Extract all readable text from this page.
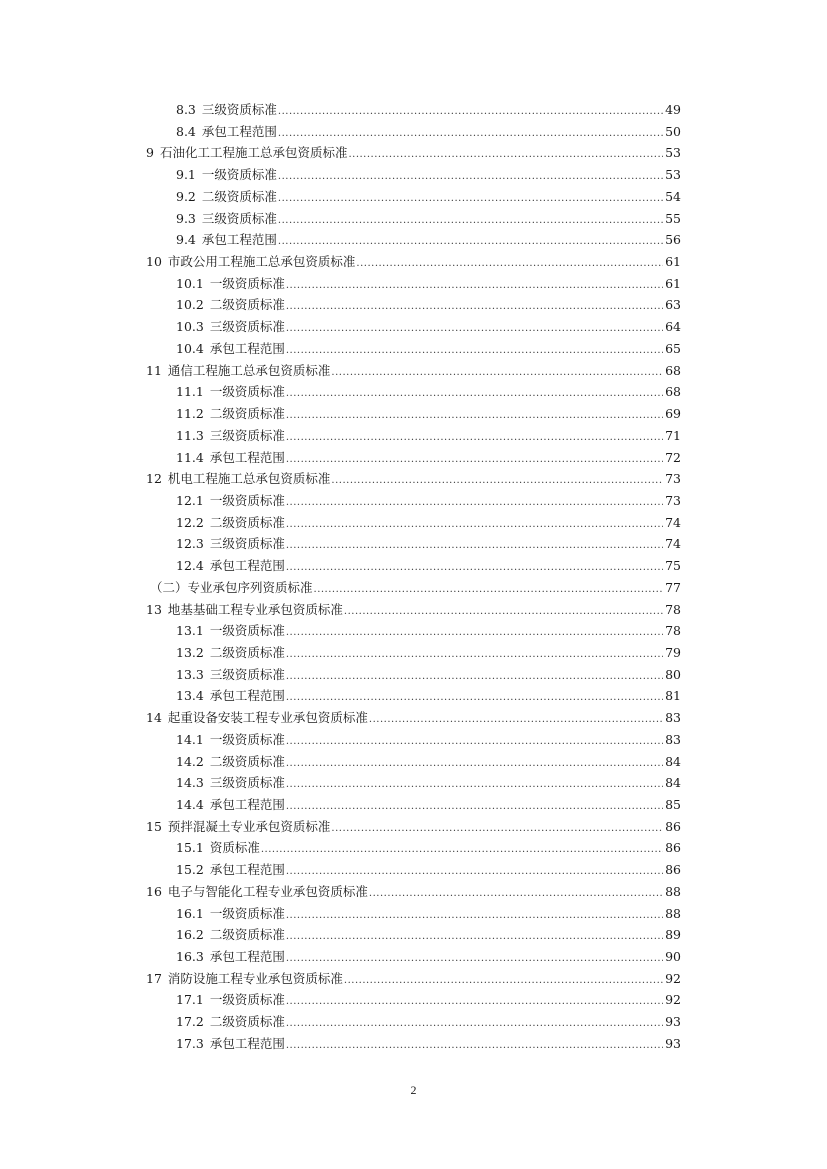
8.3 三级资质标准 .....	49
8.4 承包工程范围 .....	50
9 石油化工工程施工总承包资质标准 .....	53
9.1 一级资质标准 .....	53
9.2 二级资质标准 .....	54
9.3 三级资质标准 .....	55
9.4 承包工程范围 .....	56
10 市政公用工程施工总承包资质标准 .....	61
10.1 一级资质标准 .....	61
10.2 二级资质标准 .....	63
10.3 三级资质标准 .....	64
10.4 承包工程范围 .....	65
11 通信工程施工总承包资质标准 .....	68
11.1 一级资质标准 .....	68
11.2 二级资质标准 .....	69
11.3 三级资质标准 .....	71
11.4 承包工程范围 .....	72
12 机电工程施工总承包资质标准 .....	73
12.1 一级资质标准 .....	73
12.2 二级资质标准 .....	74
12.3 三级资质标准 .....	74
12.4 承包工程范围 .....	75
（二）专业承包序列资质标准 .....	77
13 地基基础工程专业承包资质标准 .....	78
13.1 一级资质标准 .....	78
13.2 二级资质标准 .....	79
13.3 三级资质标准 .....	80
13.4 承包工程范围 .....	81
14 起重设备安装工程专业承包资质标准 .....	83
14.1 一级资质标准 .....	83
14.2 二级资质标准 .....	84
14.3 三级资质标准 .....	84
14.4 承包工程范围 .....	85
15 预拌混凝土专业承包资质标准 .....	86
15.1 资质标准 .....	86
15.2 承包工程范围 .....	86
16 电子与智能化工程专业承包资质标准 .....	88
16.1 一级资质标准 .....	88
16.2 二级资质标准 .....	89
16.3 承包工程范围 .....	90
17 消防设施工程专业承包资质标准 .....	92
17.1 一级资质标准 .....	92
17.2 二级资质标准 .....	93
17.3 承包工程范围 .....	93
2
